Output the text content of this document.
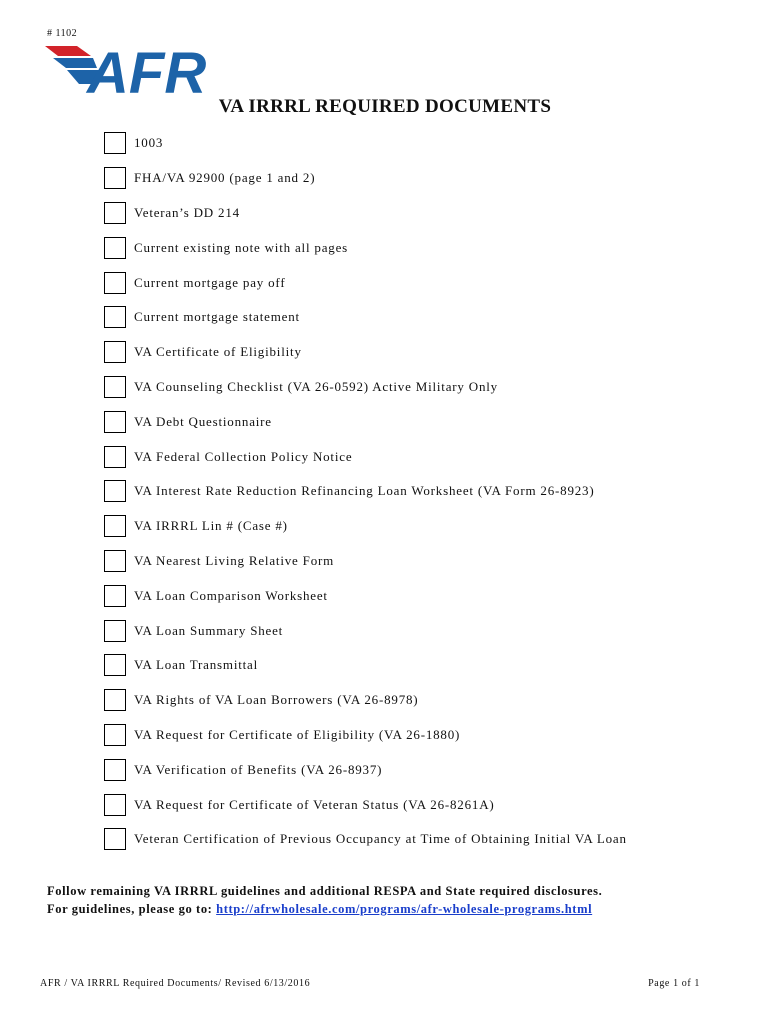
# 1102
AFR
VA IRRRL REQUIRED DOCUMENTS
1003
FHA/VA 92900 (page 1 and 2)
Veteran’s DD 214
Current existing note with all pages
Current mortgage pay off
Current mortgage statement
VA Certificate of Eligibility
VA Counseling Checklist (VA 26-0592) Active Military Only
VA Debt Questionnaire
VA Federal Collection Policy Notice
VA Interest Rate Reduction Refinancing Loan Worksheet (VA Form 26-8923)
VA IRRRL Lin # (Case #)
VA Nearest Living Relative Form
VA Loan Comparison Worksheet
VA Loan Summary Sheet
VA Loan Transmittal
VA Rights of VA Loan Borrowers (VA 26-8978)
VA Request for Certificate of Eligibility (VA 26-1880)
VA Verification of Benefits (VA 26-8937)
VA Request for Certificate of Veteran Status (VA 26-8261A)
Veteran Certification of Previous Occupancy at Time of Obtaining Initial VA Loan
Follow remaining VA IRRRL guidelines and additional RESPA and State required disclosures.
For guidelines, please go to: http://afrwholesale.com/programs/afr-wholesale-programs.html
AFR / VA IRRRL Required Documents/ Revised 6/13/2016	Page 1 of 1
